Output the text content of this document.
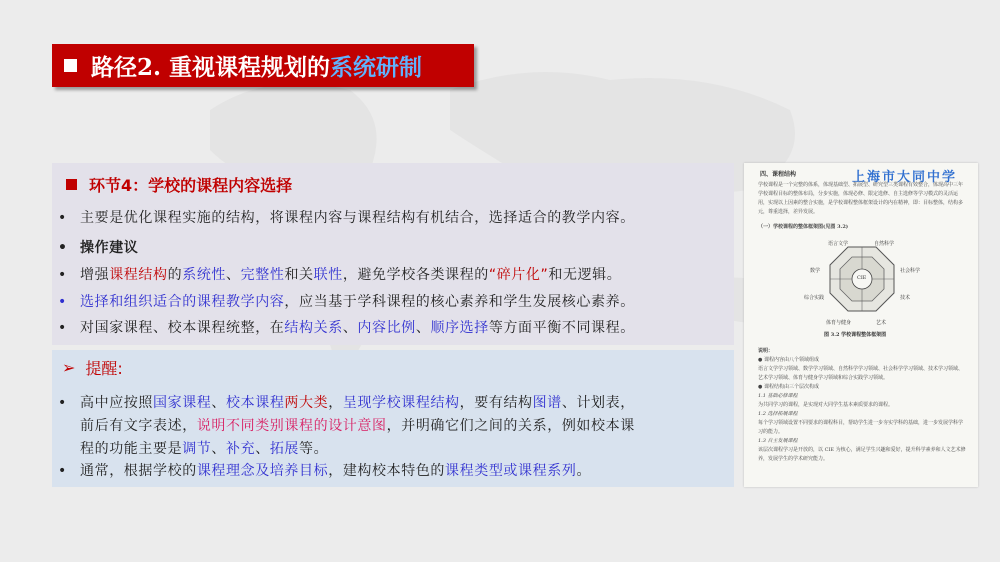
路径2. 重视课程规划的 系统研制
环节4：学校的课程内容选择
• 主要是优化课程实施的结构，将课程内容与课程结构有机结合，选择适合的教学内容。
• 操作建议
• 增强课程结构的系统性、完整性和关联性，避免学校各类课程的“碎片化”和无逻辑。
• 选择和组织适合的课程教学内容，应当基于学科课程的核心素养和学生发展核心素养。
• 对国家课程、校本课程统整，在结构关系、内容比例、顺序选择等方面平衡不同课程。
➢ 提醒:
• 高中应按照国家课程、校本课程两大类，呈现学校课程结构，要有结构图谱、计划表，
前后有文字表述，说明不同类别课程的设计意图，并明确它们之间的关系，例如校本课
程的功能主要是调节、补充、拓展等。
• 通常，根据学校的课程理念及培养目标，建构校本特色的课程类型或课程系列。
四、课程结构	上海市大同中学
学校课程是一个完整的体系，体现基础型、拓展型、研究型三类课程有效整合，体现高中三年学校课程目标的整体布局，分步实施，体现必修、限定选修、自主选修等学习模式的灵活运用，实现以上因素的整合实施，是学校课程整体框架设计的内在精神，即：目标整体，结构多元，尊重选择，差异发展。
（一）学校课程的整体框架图(见图 3.2)
CIE
语言文学	自然科学
社会科学
技术
艺术
体育与健身
综合实践
数学
图 3.2 学校课程整体框架图
说明：
● 课程内容由八个领域组成
语言文学学习领域、数学学习领域、自然科学学习领域、社会科学学习领域、技术学习领域、艺术学习领域、体育与健身学习领域和综合实践学习领域。
● 课程结构由三个层次构成
1.1 基础必修课程
为共同学习的课程，是实现对大同学生基本素质要求的课程。
1.2 选择拓展课程
每个学习领域设置不同要求的课程科目，帮助学生进一步夯实学科的基础，进一步发展学科学习的能力。
1.3 自主发展课程
该层次课程学习是开放的，以 CIE 为核心，满足学生兴趣和爱好，提升科学素养和人文艺术修养，发展学生的学术研究能力。
